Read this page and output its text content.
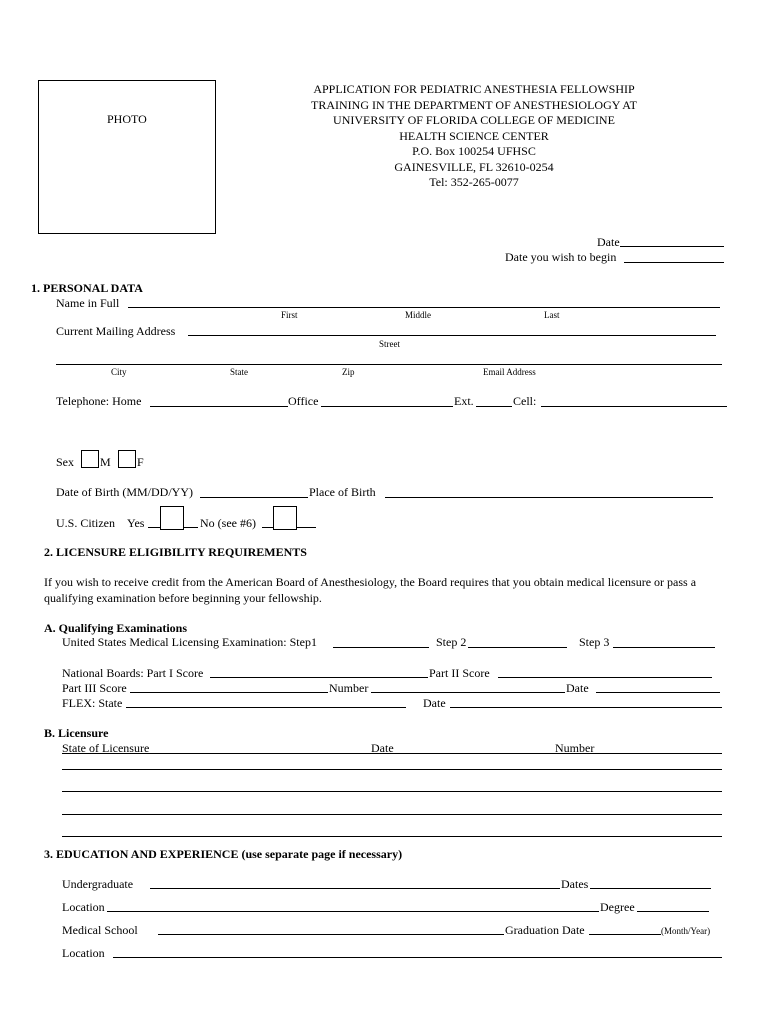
PHOTO
APPLICATION FOR PEDIATRIC ANESTHESIA FELLOWSHIP
TRAINING IN THE DEPARTMENT OF ANESTHESIOLOGY AT
UNIVERSITY OF FLORIDA COLLEGE OF MEDICINE
HEALTH SCIENCE CENTER
P.O. Box 100254 UFHSC
GAINESVILLE, FL 32610-0254
Tel: 352-265-0077
Date
Date you wish to begin
1. PERSONAL DATA
Name in Full
First	Middle	Last
Current Mailing Address
Street
City	State	Zip	Email Address
Telephone: Home	Office	Ext.	Cell:
Sex M F
Date of Birth (MM/DD/YY)	Place of Birth
U.S. Citizen Yes	No (see #6)
2. LICENSURE ELIGIBILITY REQUIREMENTS
If you wish to receive credit from the American Board of Anesthesiology, the Board requires that you obtain medical licensure or pass a qualifying examination before beginning your fellowship.
A. Qualifying Examinations
United States Medical Licensing Examination: Step1	Step 2	Step 3
National Boards: Part I Score	Part II Score
Part III Score	Number	Date
FLEX: State	Date
B. Licensure
State of Licensure	Date	Number
3. EDUCATION AND EXPERIENCE (use separate page if necessary)
Undergraduate	Dates
Location	Degree
Medical School	Graduation Date	(Month/Year)
Location
